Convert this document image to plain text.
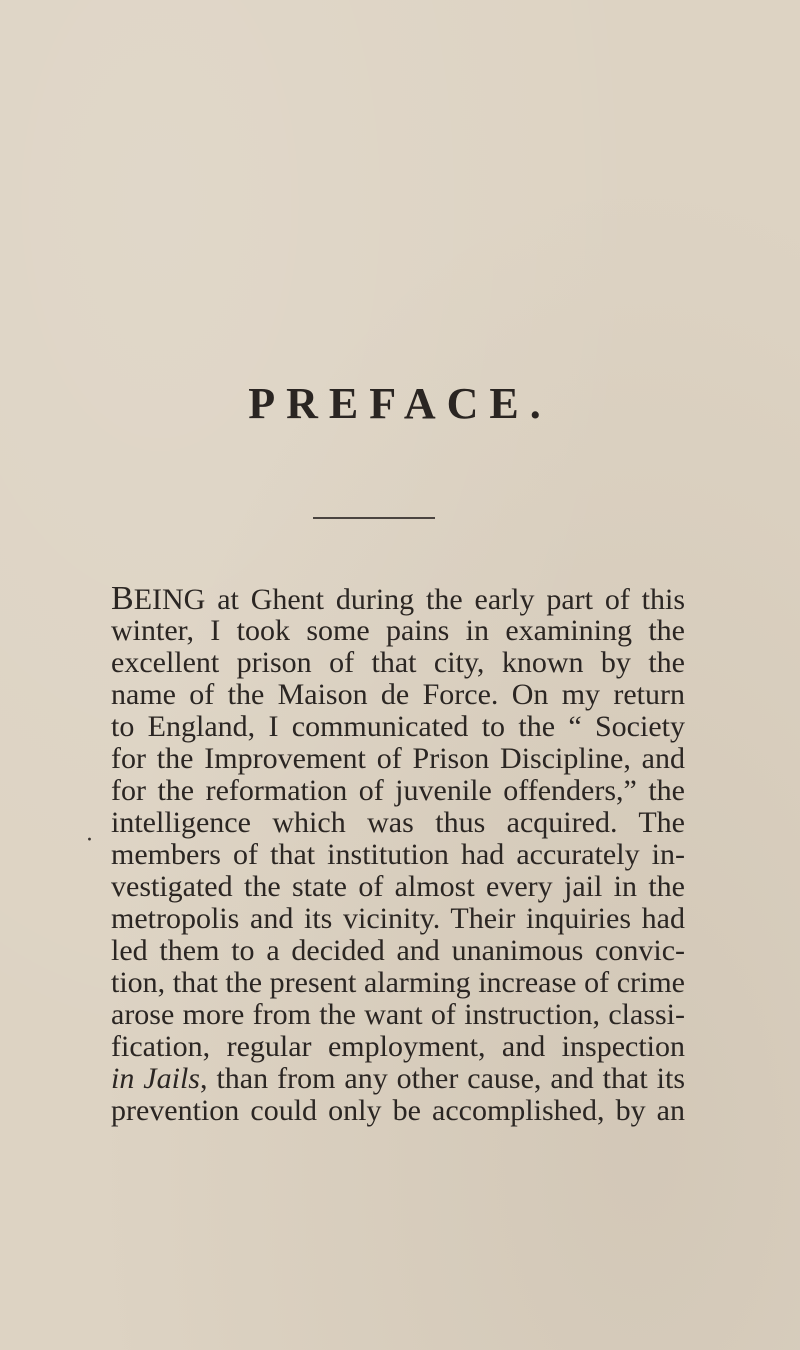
PREFACE.
·
BEING at Ghent during the early part of this
winter, I took some pains in examining the
excellent prison of that city, known by the
name of the Maison de Force. On my return
to England, I communicated to the “ Society
for the Improvement of Prison Discipline, and
for the reformation of juvenile offenders,” the
intelligence which was thus acquired. The
members of that institution had accurately in-
vestigated the state of almost every jail in the
metropolis and its vicinity. Their inquiries had
led them to a decided and unanimous convic-
tion, that the present alarming increase of crime
arose more from the want of instruction, classi-
fication, regular employment, and inspection
in Jails, than from any other cause, and that its
prevention could only be accomplished, by an
